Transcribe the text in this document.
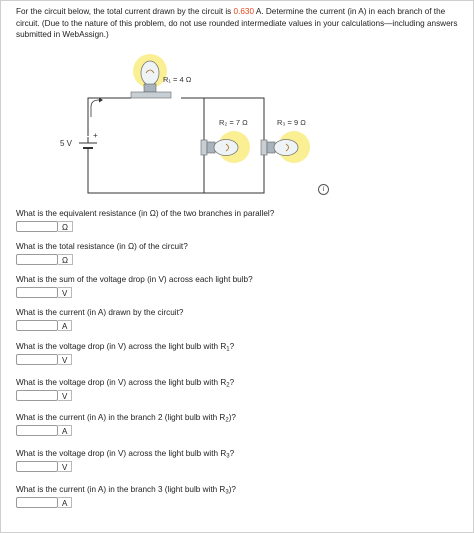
For the circuit below, the total current drawn by the circuit is 0.630 A. Determine the current (in A) in each branch of the circuit. (Due to the nature of this problem, do not use rounded intermediate values in your calculations—including answers submitted in WebAssign.)
+
5 V
R₁ = 4 Ω
R₂ = 7 Ω	R₃ = 9 Ω
i
What is the equivalent resistance (in Ω) of the two branches in parallel?
Ω
What is the total resistance (in Ω) of the circuit?
Ω
What is the sum of the voltage drop (in V) across each light bulb?
V
What is the current (in A) drawn by the circuit?
A
What is the voltage drop (in V) across the light bulb with $R_1$?
V
What is the voltage drop (in V) across the light bulb with $R_2$?
V
What is the current (in A) in the branch 2 (light bulb with $R_2$)?
A
What is the voltage drop (in V) across the light bulb with $R_3$?
V
What is the current (in A) in the branch 3 (light bulb with $R_3$)?
A
